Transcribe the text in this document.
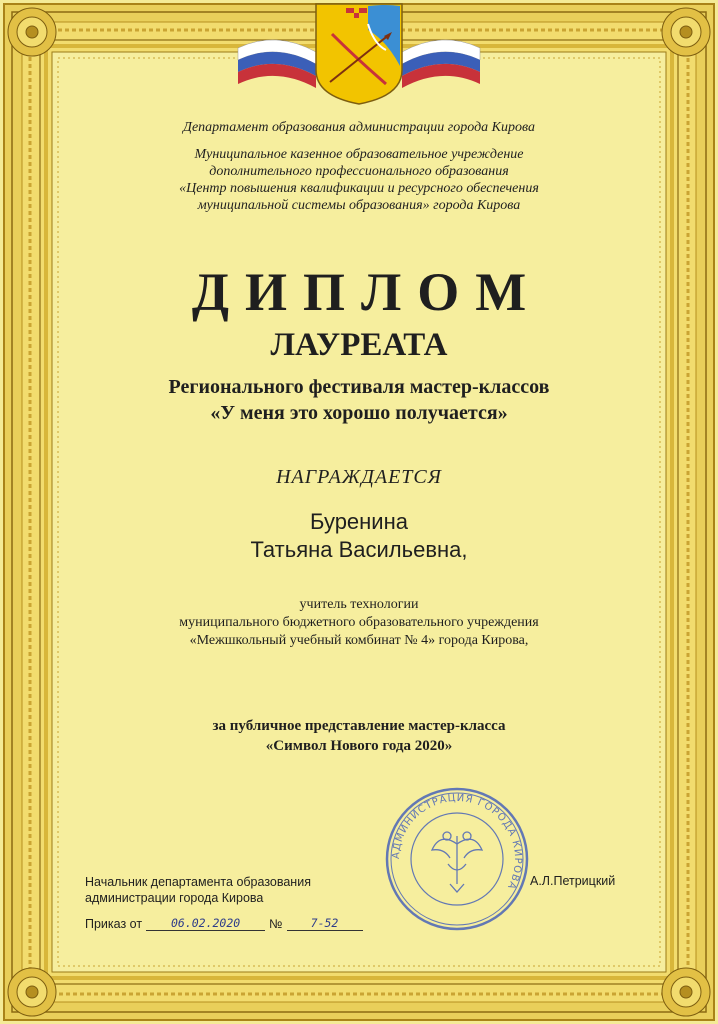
Департамент образования администрации города Кирова
Муниципальное казенное образовательное учреждение
дополнительного профессионального образования
«Центр повышения квалификации и ресурсного обеспечения
муниципальной системы образования» города Кирова
ДИПЛОМ
ЛАУРЕАТА
Регионального фестиваля мастер-классов
«У меня это хорошо получается»
НАГРАЖДАЕТСЯ
Буренина
Татьяна Васильевна,
учитель технологии
муниципального бюджетного образовательного учреждения
«Межшкольный учебный комбинат № 4» города Кирова,
за публичное представление мастер-класса
«Символ Нового года 2020»
АДМИНИСТРАЦИЯ ГОРОДА КИРОВА
Начальник департамента образования
администрации города Кирова
А.Л.Петрицкий
Приказ от	06.02.2020	№	7-52
